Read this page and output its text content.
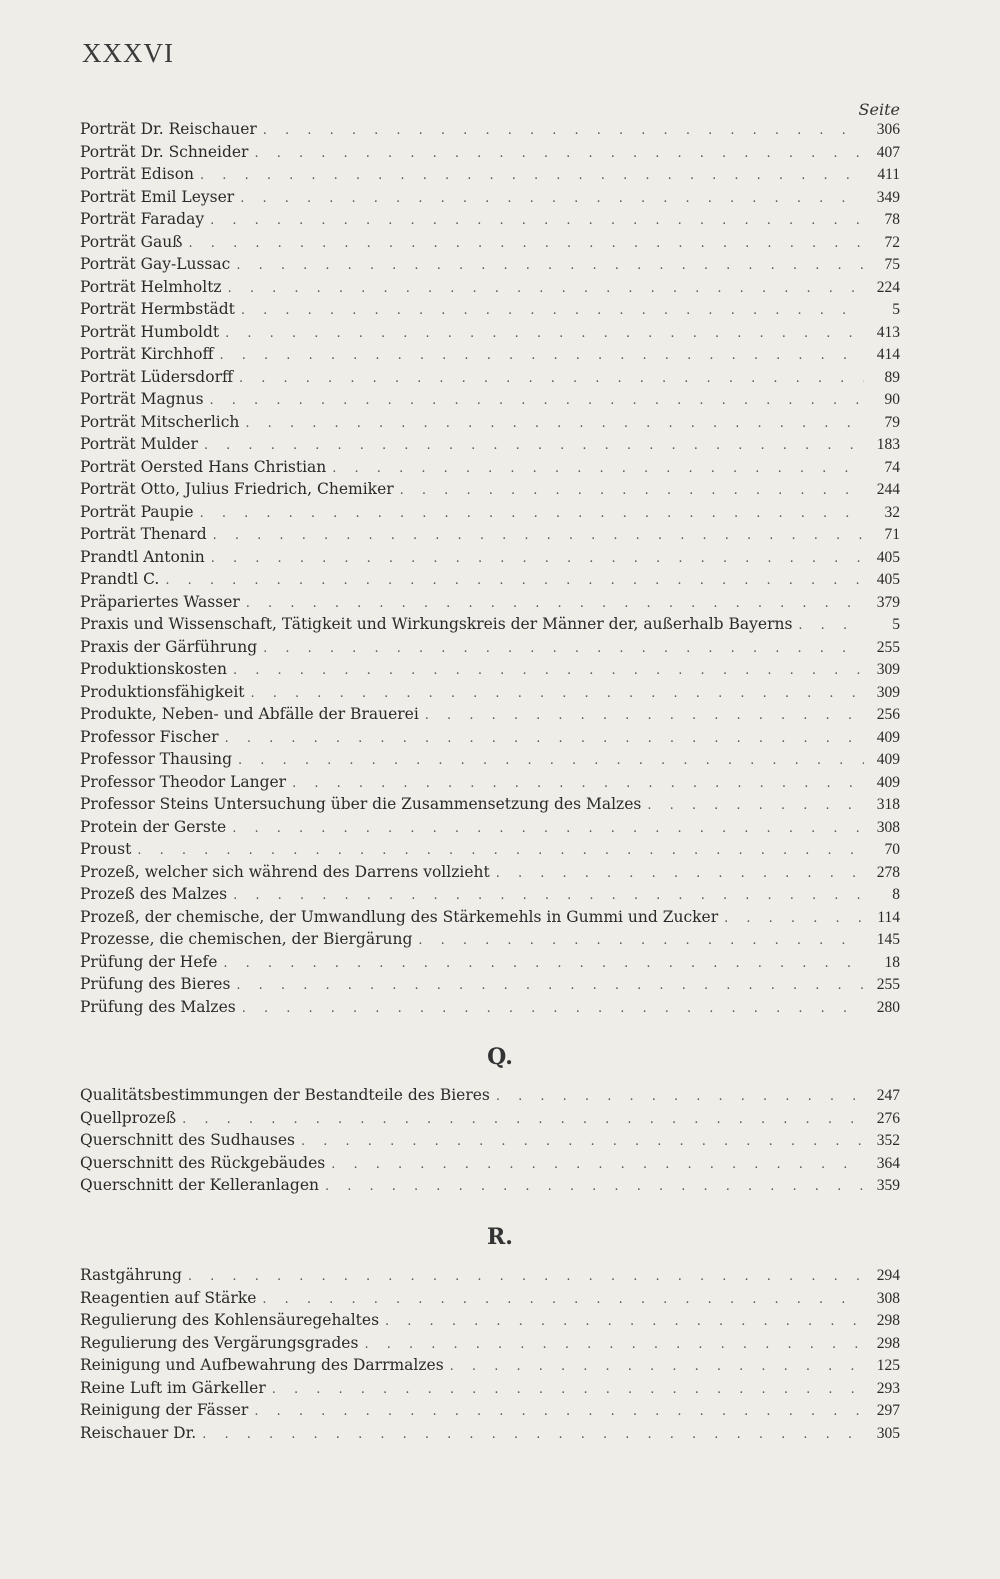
XXXVI
Seite
Porträt Dr. Reischauer . . .	306
Porträt Dr. Schneider . . .	407
Porträt Edison . . .	411
Porträt Emil Leyser . . .	349
Porträt Faraday . . .	78
Porträt Gauß . . .	72
Porträt Gay-Lussac . . .	75
Porträt Helmholtz . . .	224
Porträt Hermbstädt . . .	5
Porträt Humboldt . . .	413
Porträt Kirchhoff . . .	414
Porträt Lüdersdorff . . .	89
Porträt Magnus . . .	90
Porträt Mitscherlich . . .	79
Porträt Mulder . . .	183
Porträt Oersted Hans Christian . . .	74
Porträt Otto, Julius Friedrich, Chemiker . . .	244
Porträt Paupie . . .	32
Porträt Thenard . . .	71
Prandtl Antonin . . .	405
Prandtl C. . . .	405
Präpariertes Wasser . . .	379
Praxis und Wissenschaft, Tätigkeit und Wirkungskreis der Männer der, außerhalb Bayerns . . .	5
Praxis der Gärführung . . .	255
Produktionskosten . . .	309
Produktionsfähigkeit . . .	309
Produkte, Neben- und Abfälle der Brauerei . . .	256
Professor Fischer . . .	409
Professor Thausing . . .	409
Professor Theodor Langer . . .	409
Professor Steins Untersuchung über die Zusammensetzung des Malzes . . .	318
Protein der Gerste . . .	308
Proust . . .	70
Prozeß, welcher sich während des Darrens vollzieht . . .	278
Prozeß des Malzes . . .	8
Prozeß, der chemische, der Umwandlung des Stärkemehls in Gummi und Zucker . . .	114
Prozesse, die chemischen, der Biergärung . . .	145
Prüfung der Hefe . . .	18
Prüfung des Bieres . . .	255
Prüfung des Malzes . . .	280
Q.
Qualitätsbestimmungen der Bestandteile des Bieres . . .	247
Quellprozeß . . .	276
Querschnitt des Sudhauses . . .	352
Querschnitt des Rückgebäudes . . .	364
Querschnitt der Kelleranlagen . . .	359
R.
Rastgährung . . .	294
Reagentien auf Stärke . . .	308
Regulierung des Kohlensäuregehaltes . . .	298
Regulierung des Vergärungsgrades . . .	298
Reinigung und Aufbewahrung des Darrmalzes . . .	125
Reine Luft im Gärkeller . . .	293
Reinigung der Fässer . . .	297
Reischauer Dr. . . .	305
